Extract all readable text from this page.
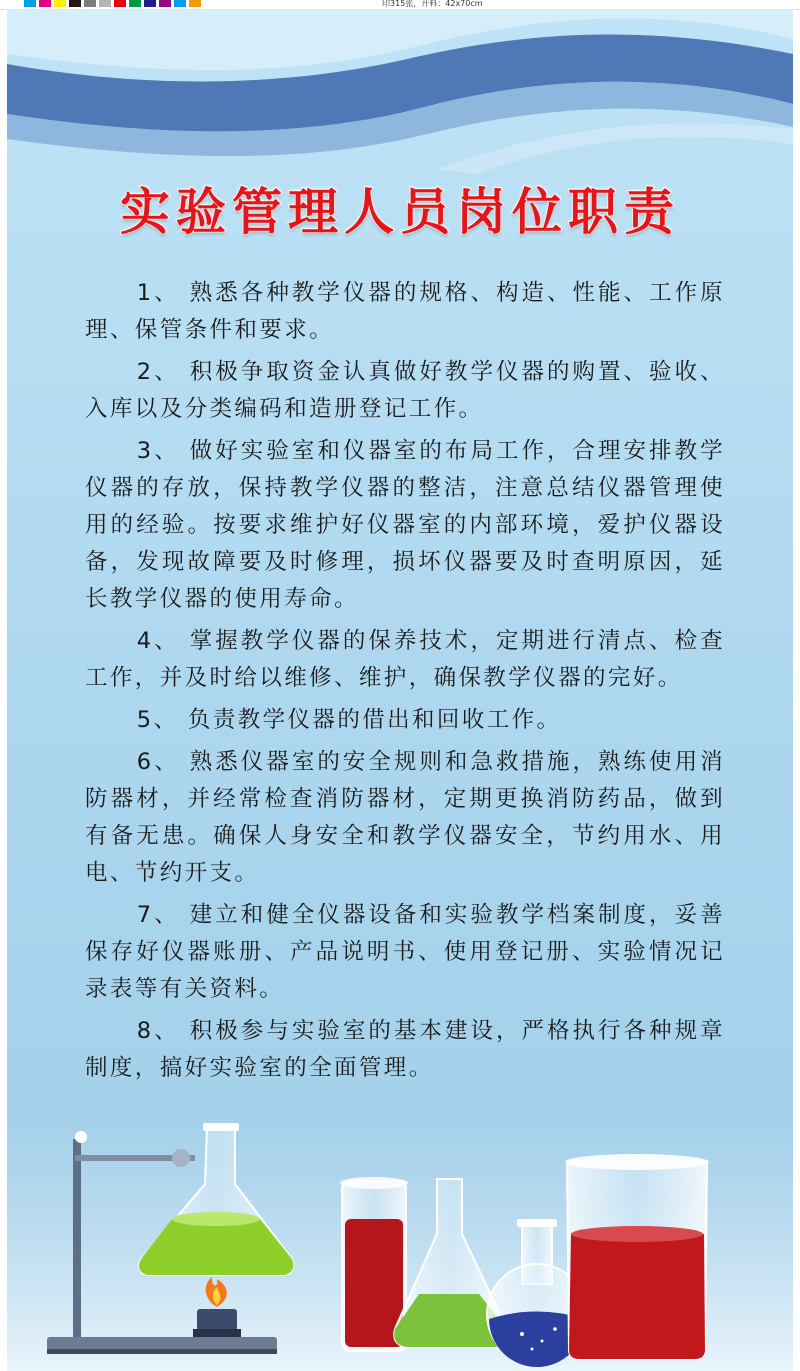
印315张，开料：42x70cm
实验管理人员岗位职责

1、 熟悉各种教学仪器的规格、构造、性能、工作原理、保管条件和要求。

2、 积极争取资金认真做好教学仪器的购置、验收、入库以及分类编码和造册登记工作。

3、 做好实验室和仪器室的布局工作，合理安排教学仪器的存放，保持教学仪器的整洁，注意总结仪器管理使用的经验。按要求维护好仪器室的内部环境，爱护仪器设备，发现故障要及时修理，损坏仪器要及时查明原因，延长教学仪器的使用寿命。

4、 掌握教学仪器的保养技术，定期进行清点、检查工作，并及时给以维修、维护，确保教学仪器的完好。

5、 负责教学仪器的借出和回收工作。

6、 熟悉仪器室的安全规则和急救措施，熟练使用消防器材，并经常检查消防器材，定期更换消防药品，做到有备无患。确保人身安全和教学仪器安全，节约用水、用电、节约开支。

7、 建立和健全仪器设备和实验教学档案制度，妥善保存好仪器账册、产品说明书、使用登记册、实验情况记录表等有关资料。

8、 积极参与实验室的基本建设，严格执行各种规章制度，搞好实验室的全面管理。
